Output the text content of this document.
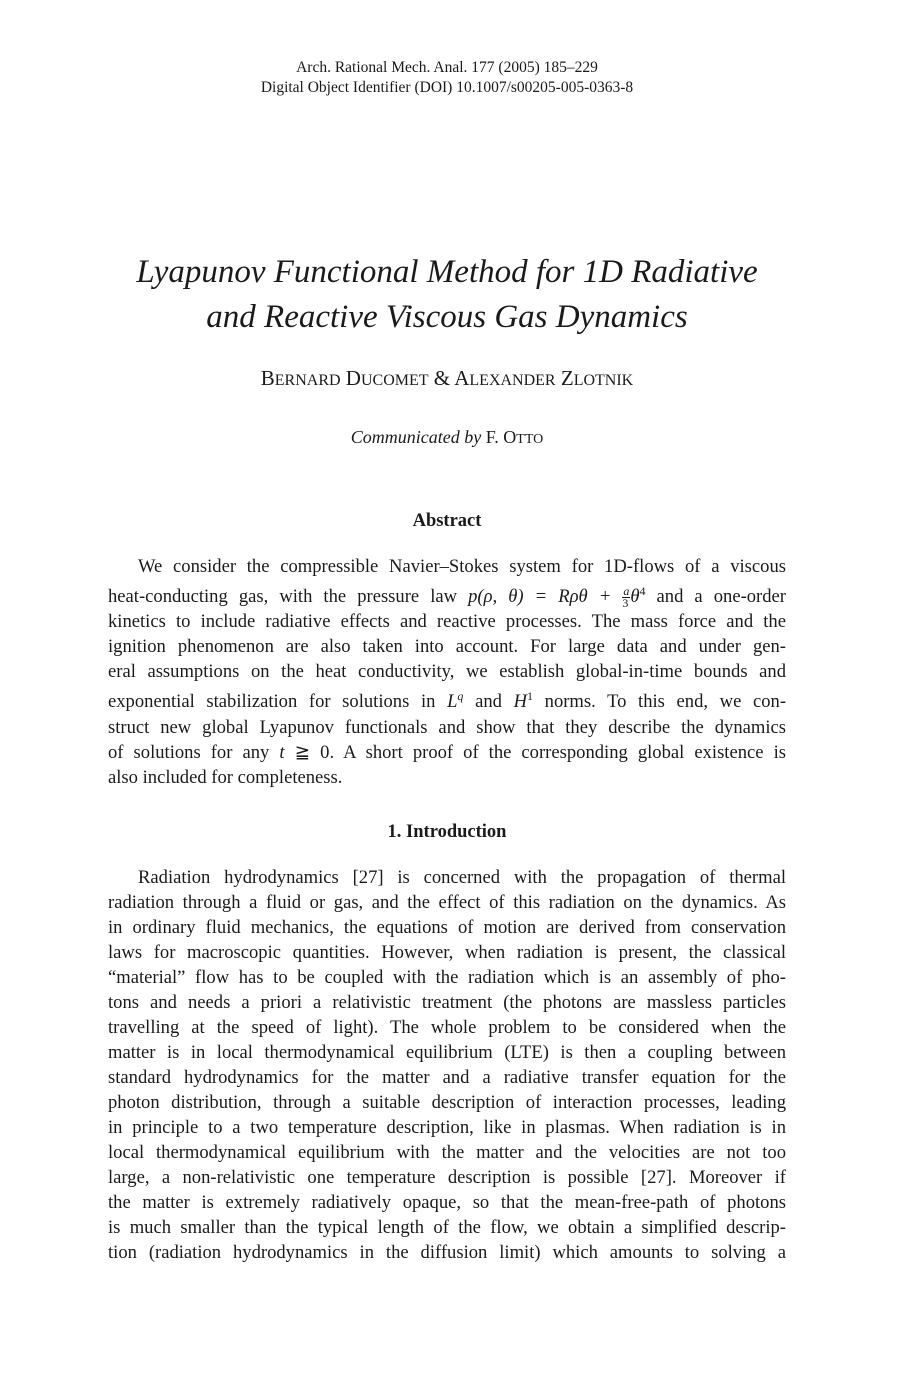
Arch. Rational Mech. Anal. 177 (2005) 185–229
Digital Object Identifier (DOI) 10.1007/s00205-005-0363-8
Lyapunov Functional Method for 1D Radiative
and Reactive Viscous Gas Dynamics
BERNARD DUCOMET & ALEXANDER ZLOTNIK
Communicated by F. OTTO
Abstract
We consider the compressible Navier–Stokes system for 1D-flows of a viscous
heat-conducting gas, with the pressure law p(ρ, $\theta) = R\rho\theta + \frac{a}{3} \theta^4$ and a one-order
kinetics to include radiative effects and reactive processes. The mass force and the
ignition phenomenon are also taken into account. For large data and under gen-
eral assumptions on the heat conductivity, we establish global-in-time bounds and
exponential stabilization for solutions in $L^q$ and $H^1$ norms. To this end, we con-
struct new global Lyapunov functionals and show that they describe the dynamics
of solutions for any t ≧ 0. A short proof of the corresponding global existence is
also included for completeness.
1. Introduction
Radiation hydrodynamics [27] is concerned with the propagation of thermal
radiation through a fluid or gas, and the effect of this radiation on the dynamics. As
in ordinary fluid mechanics, the equations of motion are derived from conservation
laws for macroscopic quantities. However, when radiation is present, the classical
“material” flow has to be coupled with the radiation which is an assembly of pho-
tons and needs a priori a relativistic treatment (the photons are massless particles
travelling at the speed of light). The whole problem to be considered when the
matter is in local thermodynamical equilibrium (LTE) is then a coupling between
standard hydrodynamics for the matter and a radiative transfer equation for the
photon distribution, through a suitable description of interaction processes, leading
in principle to a two temperature description, like in plasmas. When radiation is in
local thermodynamical equilibrium with the matter and the velocities are not too
large, a non-relativistic one temperature description is possible [27]. Moreover if
the matter is extremely radiatively opaque, so that the mean-free-path of photons
is much smaller than the typical length of the flow, we obtain a simplified descrip-
tion (radiation hydrodynamics in the diffusion limit) which amounts to solving a
